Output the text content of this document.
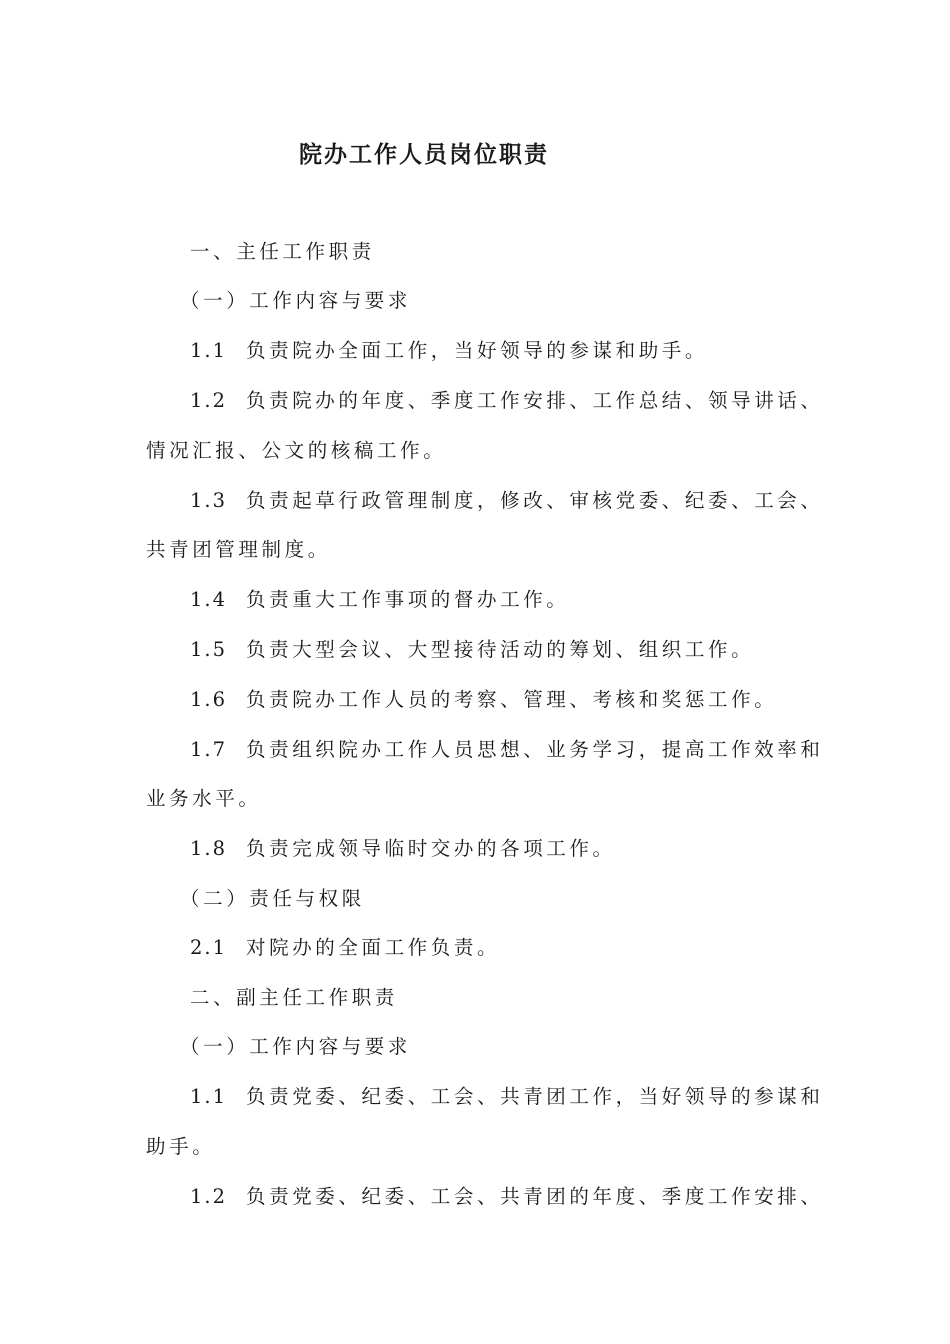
院办工作人员岗位职责
一、主任工作职责
（一）工作内容与要求
1.1 负责院办全面工作，当好领导的参谋和助手。
1.2 负责院办的年度、季度工作安排、工作总结、领导讲话、
情况汇报、公文的核稿工作。
1.3 负责起草行政管理制度，修改、审核党委、纪委、工会、
共青团管理制度。
1.4 负责重大工作事项的督办工作。
1.5 负责大型会议、大型接待活动的筹划、组织工作。
1.6 负责院办工作人员的考察、管理、考核和奖惩工作。
1.7 负责组织院办工作人员思想、业务学习，提高工作效率和
业务水平。
1.8 负责完成领导临时交办的各项工作。
（二）责任与权限
2.1 对院办的全面工作负责。
二、副主任工作职责
（一）工作内容与要求
1.1 负责党委、纪委、工会、共青团工作，当好领导的参谋和
助手。
1.2 负责党委、纪委、工会、共青团的年度、季度工作安排、
